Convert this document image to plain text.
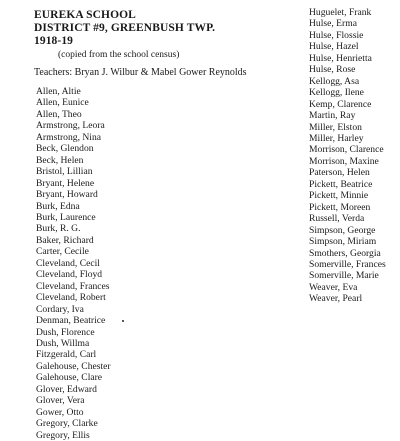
EUREKA SCHOOL
DISTRICT #9, GREENBUSH TWP.
1918-19
(copied from the school census)
Teachers: Bryan J. Wilbur & Mabel Gower Reynolds
Allen, Altie
Allen, Eunice
Allen, Theo
Armstrong, Leora
Armstrong, Nina
Beck, Glendon
Beck, Helen
Bristol, Lillian
Bryant, Helene
Bryant, Howard
Burk, Edna
Burk, Laurence
Burk, R. G.
Baker, Richard
Carter, Cecile
Cleveland, Cecil
Cleveland, Floyd
Cleveland, Frances
Cleveland, Robert
Cordary, Iva
Denman, Beatrice
Dush, Florence
Dush, Willma
Fitzgerald, Carl
Galehouse, Chester
Galehouse, Clare
Glover, Edward
Glover, Vera
Gower, Otto
Gregory, Clarke
Gregory, Ellis
Huguelet, Frank
Hulse, Erma
Hulse, Flossie
Hulse, Hazel
Hulse, Henrietta
Hulse, Rose
Kellogg, Asa
Kellogg, Ilene
Kemp, Clarence
Martin, Ray
Miller, Elston
Miller, Harley
Morrison, Clarence
Morrison, Maxine
Paterson, Helen
Pickett, Beatrice
Pickett, Minnie
Pickett, Moreen
Russell, Verda
Simpson, George
Simpson, Miriam
Smothers, Georgia
Somerville, Frances
Somerville, Marie
Weaver, Eva
Weaver, Pearl
